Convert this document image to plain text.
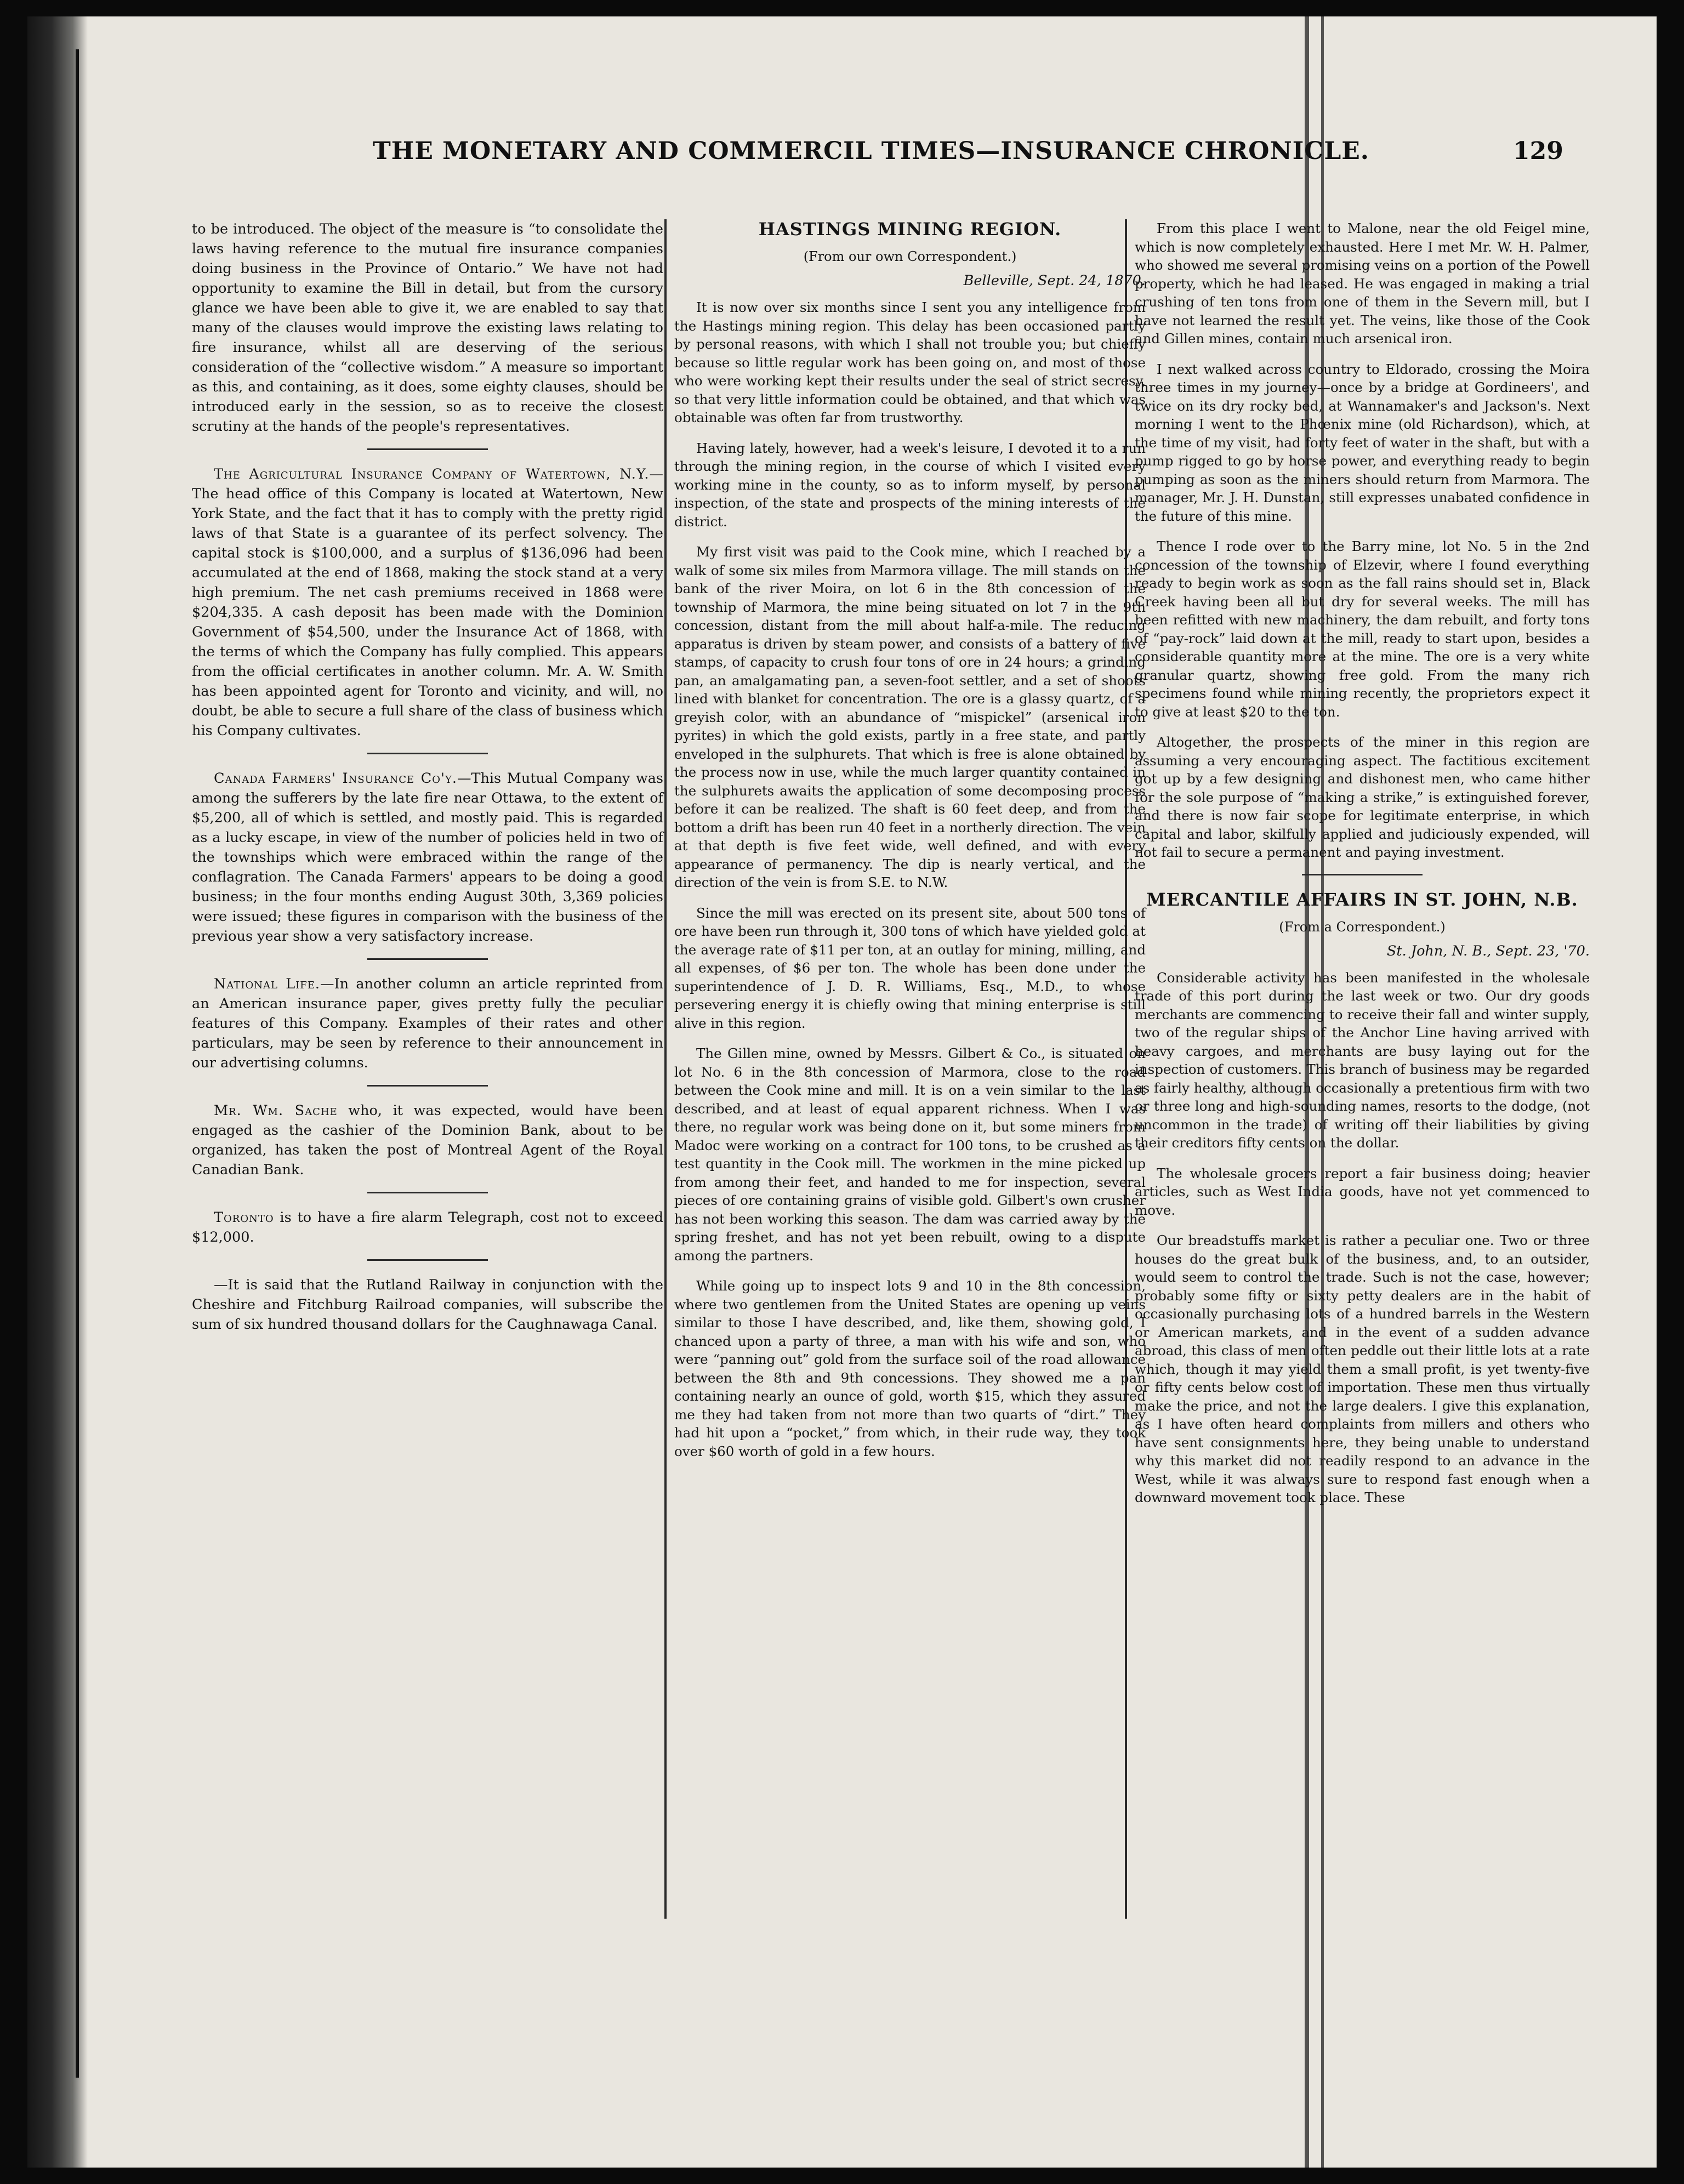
THE MONETARY AND COMMERCIL TIMES—INSURANCE CHRONICLE.	129

to be introduced. The object of the measure is “to consolidate the laws having reference to the mutual fire insurance companies doing business in the Province of Ontario.” We have not had opportunity to examine the Bill in detail, but from the cursory glance we have been able to give it, we are enabled to say that many of the clauses would improve the existing laws relating to fire insurance, whilst all are deserving of the serious consideration of the “collective wisdom.” A measure so important as this, and containing, as it does, some eighty clauses, should be introduced early in the session, so as to receive the closest scrutiny at the hands of the people's representatives.

The Agricultural Insurance Company of Watertown, N.Y.—The head office of this Company is located at Watertown, New York State, and the fact that it has to comply with the pretty rigid laws of that State is a guarantee of its perfect solvency. The capital stock is $100,000, and a surplus of $136,096 had been accumulated at the end of 1868, making the stock stand at a very high premium. The net cash premiums received in 1868 were $204,335. A cash deposit has been made with the Dominion Government of $54,500, under the Insurance Act of 1868, with the terms of which the Company has fully complied. This appears from the official certificates in another column. Mr. A. W. Smith has been appointed agent for Toronto and vicinity, and will, no doubt, be able to secure a full share of the class of business which his Company cultivates.

Canada Farmers' Insurance Co'y.—This Mutual Company was among the sufferers by the late fire near Ottawa, to the extent of $5,200, all of which is settled, and mostly paid. This is regarded as a lucky escape, in view of the number of policies held in two of the townships which were embraced within the range of the conflagration. The Canada Farmers' appears to be doing a good business; in the four months ending August 30th, 3,369 policies were issued; these figures in comparison with the business of the previous year show a very satisfactory increase.

National Life.—In another column an article reprinted from an American insurance paper, gives pretty fully the peculiar features of this Company. Examples of their rates and other particulars, may be seen by reference to their announcement in our advertising columns.

Mr. Wm. Sache who, it was expected, would have been engaged as the cashier of the Dominion Bank, about to be organized, has taken the post of Montreal Agent of the Royal Canadian Bank.

Toronto is to have a fire alarm Telegraph, cost not to exceed $12,000.

—It is said that the Rutland Railway in conjunction with the Cheshire and Fitchburg Railroad companies, will subscribe the sum of six hundred thousand dollars for the Caughnawaga Canal.

HASTINGS MINING REGION.
(From our own Correspondent.)
Belleville, Sept. 24, 1870.

It is now over six months since I sent you any intelligence from the Hastings mining region. This delay has been occasioned partly by personal reasons, with which I shall not trouble you; but chiefly because so little regular work has been going on, and most of those who were working kept their results under the seal of strict secresy, so that very little information could be obtained, and that which was obtainable was often far from trustworthy.

Having lately, however, had a week's leisure, I devoted it to a run through the mining region, in the course of which I visited every working mine in the county, so as to inform myself, by personal inspection, of the state and prospects of the mining interests of the district.

My first visit was paid to the Cook mine, which I reached by a walk of some six miles from Marmora village. The mill stands on the bank of the river Moira, on lot 6 in the 8th concession of the township of Marmora, the mine being situated on lot 7 in the 9th concession, distant from the mill about half-a-mile. The reducing apparatus is driven by steam power, and consists of a battery of five stamps, of capacity to crush four tons of ore in 24 hours; a grinding pan, an amalgamating pan, a seven-foot settler, and a set of shoots lined with blanket for concentration. The ore is a glassy quartz, of a greyish color, with an abundance of “mispickel” (arsenical iron pyrites) in which the gold exists, partly in a free state, and partly enveloped in the sulphurets. That which is free is alone obtained by the process now in use, while the much larger quantity contained in the sulphurets awaits the application of some decomposing process before it can be realized. The shaft is 60 feet deep, and from the bottom a drift has been run 40 feet in a northerly direction. The vein at that depth is five feet wide, well defined, and with every appearance of permanency. The dip is nearly vertical, and the direction of the vein is from S.E. to N.W.

Since the mill was erected on its present site, about 500 tons of ore have been run through it, 300 tons of which have yielded gold at the average rate of $11 per ton, at an outlay for mining, milling, and all expenses, of $6 per ton. The whole has been done under the superintendence of J. D. R. Williams, Esq., M.D., to whose persevering energy it is chiefly owing that mining enterprise is still alive in this region.

The Gillen mine, owned by Messrs. Gilbert & Co., is situated on lot No. 6 in the 8th concession of Marmora, close to the road between the Cook mine and mill. It is on a vein similar to the last described, and at least of equal apparent richness. When I was there, no regular work was being done on it, but some miners from Madoc were working on a contract for 100 tons, to be crushed as a test quantity in the Cook mill. The workmen in the mine picked up from among their feet, and handed to me for inspection, several pieces of ore containing grains of visible gold. Gilbert's own crusher has not been working this season. The dam was carried away by the spring freshet, and has not yet been rebuilt, owing to a dispute among the partners.

While going up to inspect lots 9 and 10 in the 8th concession, where two gentlemen from the United States are opening up veins similar to those I have described, and, like them, showing gold, I chanced upon a party of three, a man with his wife and son, who were “panning out” gold from the surface soil of the road allowance between the 8th and 9th concessions. They showed me a pan containing nearly an ounce of gold, worth $15, which they assured me they had taken from not more than two quarts of “dirt.” They had hit upon a “pocket,” from which, in their rude way, they took over $60 worth of gold in a few hours.

From this place I went to Malone, near the old Feigel mine, which is now completely exhausted. Here I met Mr. W. H. Palmer, who showed me several promising veins on a portion of the Powell property, which he had leased. He was engaged in making a trial crushing of ten tons from one of them in the Severn mill, but I have not learned the result yet. The veins, like those of the Cook and Gillen mines, contain much arsenical iron.

I next walked across country to Eldorado, crossing the Moira three times in my journey—once by a bridge at Gordineers', and twice on its dry rocky bed, at Wannamaker's and Jackson's. Next morning I went to the Phœnix mine (old Richardson), which, at the time of my visit, had forty feet of water in the shaft, but with a pump rigged to go by horse power, and everything ready to begin pumping as soon as the miners should return from Marmora. The manager, Mr. J. H. Dunstan, still expresses unabated confidence in the future of this mine.

Thence I rode over to the Barry mine, lot No. 5 in the 2nd concession of the township of Elzevir, where I found everything ready to begin work as soon as the fall rains should set in, Black Creek having been all but dry for several weeks. The mill has been refitted with new machinery, the dam rebuilt, and forty tons of “pay-rock” laid down at the mill, ready to start upon, besides a considerable quantity more at the mine. The ore is a very white granular quartz, showing free gold. From the many rich specimens found while mining recently, the proprietors expect it to give at least $20 to the ton.

Altogether, the prospects of the miner in this region are assuming a very encouraging aspect. The factitious excitement got up by a few designing and dishonest men, who came hither for the sole purpose of “making a strike,” is extinguished forever, and there is now fair scope for legitimate enterprise, in which capital and labor, skilfully applied and judiciously expended, will not fail to secure a permanent and paying investment.

MERCANTILE AFFAIRS IN ST. JOHN, N.B.
(From a Correspondent.)
St. John, N. B., Sept. 23, '70.

Considerable activity has been manifested in the wholesale trade of this port during the last week or two. Our dry goods merchants are commencing to receive their fall and winter supply, two of the regular ships of the Anchor Line having arrived with heavy cargoes, and merchants are busy laying out for the inspection of customers. This branch of business may be regarded as fairly healthy, although occasionally a pretentious firm with two or three long and high-sounding names, resorts to the dodge, (not uncommon in the trade) of writing off their liabilities by giving their creditors fifty cents on the dollar.

The wholesale grocers report a fair business doing; heavier articles, such as West India goods, have not yet commenced to move.

Our breadstuffs market is rather a peculiar one. Two or three houses do the great bulk of the business, and, to an outsider, would seem to control the trade. Such is not the case, however; probably some fifty or sixty petty dealers are in the habit of occasionally purchasing lots of a hundred barrels in the Western or American markets, and in the event of a sudden advance abroad, this class of men often peddle out their little lots at a rate which, though it may yield them a small profit, is yet twenty-five or fifty cents below cost of importation. These men thus virtually make the price, and not the large dealers. I give this explanation, as I have often heard complaints from millers and others who have sent consignments here, they being unable to understand why this market did not readily respond to an advance in the West, while it was always sure to respond fast enough when a downward movement took place. These
